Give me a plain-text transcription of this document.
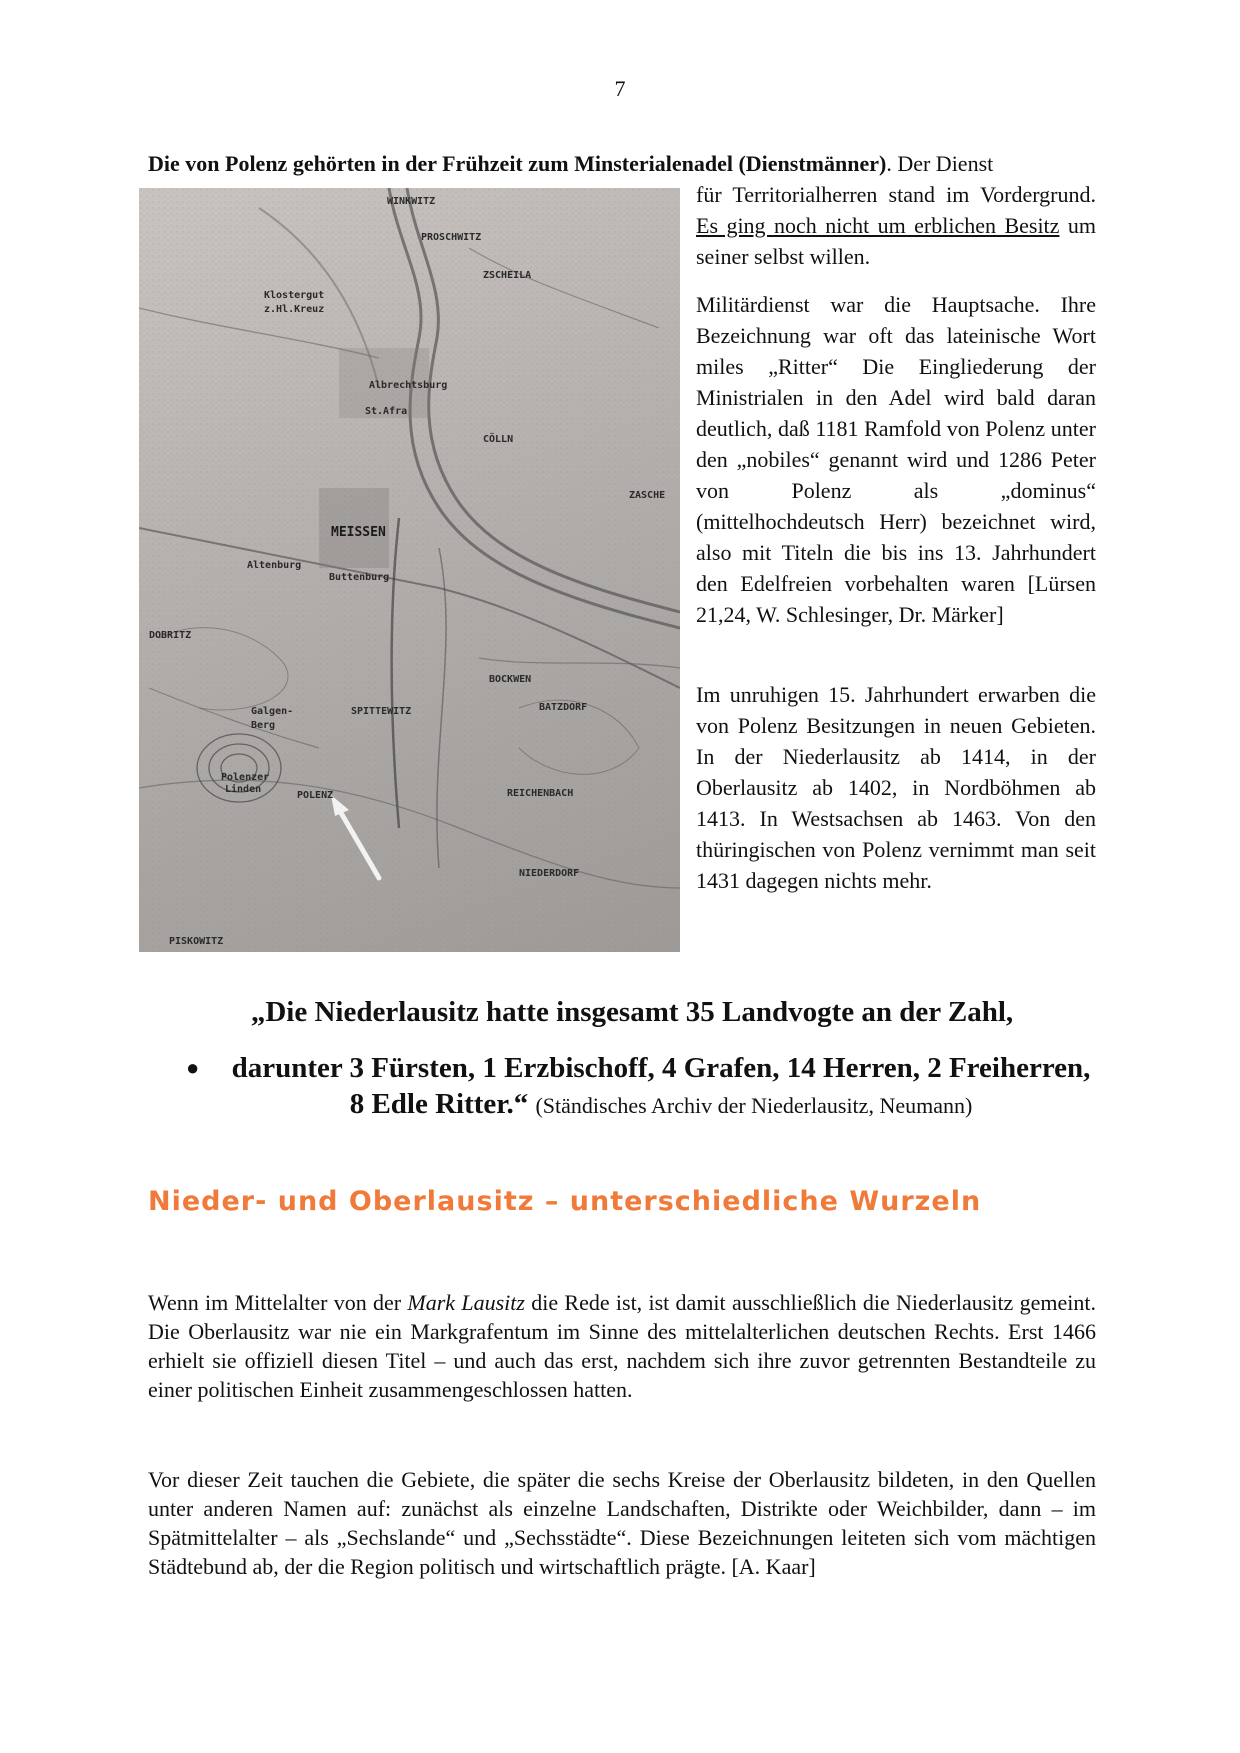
7
Die von Polenz gehörten in der Frühzeit zum Minsterialenadel (Dienstmänner). Der Dienst
WINKWITZ
PROSCHWITZ
ZSCHEILA
Klostergut
z.Hl.Kreuz
Albrechtsburg
St.Afra
CÖLLN
ZASCHE
MEISSEN
Altenburg
Buttenburg
DOBRITZ
BOCKWEN
BATZDORF
Galgen-
Berg
SPITTEWITZ
Polenzer
Linden
POLENZ	REICHENBACH
NIEDERDORF
PISKOWITZ
für Territorialherren stand im Vordergrund. Es ging noch nicht um erblichen Besitz um seiner selbst willen.

Militärdienst war die Hauptsache. Ihre Bezeichnung war oft das lateinische Wort miles „Ritter“ Die Eingliederung der Ministrialen in den Adel wird bald daran deutlich, daß 1181 Ramfold von Polenz unter den „nobiles“ genannt wird und 1286 Peter von Polenz als „dominus“ (mittelhochdeutsch Herr) bezeichnet wird, also mit Titeln die bis ins 13. Jahrhundert den Edelfreien vorbehalten waren [Lürsen 21,24, W. Schlesinger, Dr. Märker]

Im unruhigen 15. Jahrhundert erwarben die von Polenz Besitzungen in neuen Gebieten. In der Niederlausitz ab 1414, in der Oberlausitz ab 1402, in Nordböhmen ab 1413. In Westsachsen ab 1463. Von den thüringischen von Polenz vernimmt man seit 1431 dagegen nichts mehr.

„Die Niederlausitz hatte insgesamt 35 Landvogte an der Zahl,
●	darunter 3 Fürsten, 1 Erzbischoff, 4 Grafen, 14 Herren, 2 Freiherren, 8 Edle Ritter.“ (Ständisches Archiv der Niederlausitz, Neumann)
Nieder- und Oberlausitz – unterschiedliche Wurzeln

Wenn im Mittelalter von der Mark Lausitz die Rede ist, ist damit ausschließlich die Niederlausitz gemeint. Die Oberlausitz war nie ein Markgrafentum im Sinne des mittelalterlichen deutschen Rechts. Erst 1466 erhielt sie offiziell diesen Titel – und auch das erst, nachdem sich ihre zuvor getrennten Bestandteile zu einer politischen Einheit zusammengeschlossen hatten.

Vor dieser Zeit tauchen die Gebiete, die später die sechs Kreise der Oberlausitz bildeten, in den Quellen unter anderen Namen auf: zunächst als einzelne Landschaften, Distrikte oder Weichbilder, dann – im Spätmittelalter – als „Sechslande“ und „Sechsstädte“. Diese Bezeichnungen leiteten sich vom mächtigen Städtebund ab, der die Region politisch und wirtschaftlich prägte. [A. Kaar]
